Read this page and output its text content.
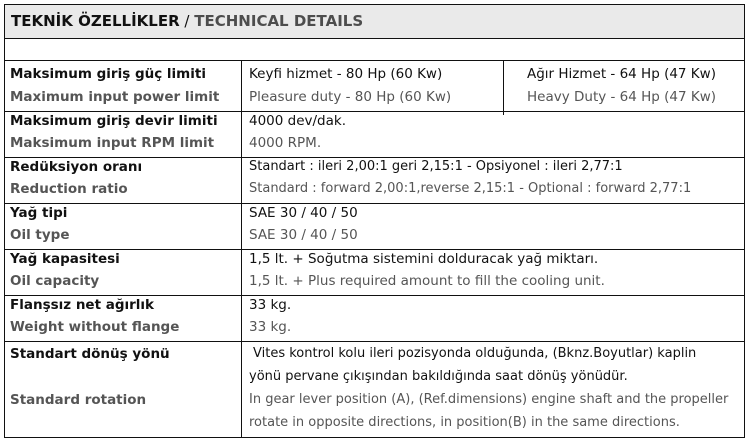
TEKNİK ÖZELLİKLER / TECHNICAL DETAILS
Maksimum giriş güç limiti
Maximum input power limit
Keyfi hizmet - 80 Hp (60 Kw)
Pleasure duty - 80 Hp (60 Kw)
Ağır Hizmet - 64 Hp (47 Kw)
Heavy Duty - 64 Hp (47 Kw)
Maksimum giriş devir limiti
Maksimum input RPM limit
4000 dev/dak.
4000 RPM.
Redüksiyon oranı
Reduction ratio
Standart : ileri 2,00:1 geri 2,15:1 - Opsiyonel : ileri 2,77:1
Standard : forward 2,00:1,reverse 2,15:1 - Optional : forward 2,77:1
Yağ tipi
Oil type
SAE 30 / 40 / 50
SAE 30 / 40 / 50
Yağ kapasitesi
Oil capacity
1,5 lt. + Soğutma sistemini dolduracak yağ miktarı.
1,5 lt. + Plus required amount to fill the cooling unit.
Flanşsız net ağırlık
Weight without flange
33 kg.
33 kg.
Standart dönüş yönü
Standard rotation
Vites kontrol kolu ileri pozisyonda olduğunda, (Bknz.Boyutlar) kaplin
yönü pervane çıkışından bakıldığında saat dönüş yönüdür.
In gear lever position (A), (Ref.dimensions) engine shaft and the propeller
rotate in opposite directions, in position(B) in the same directions.
